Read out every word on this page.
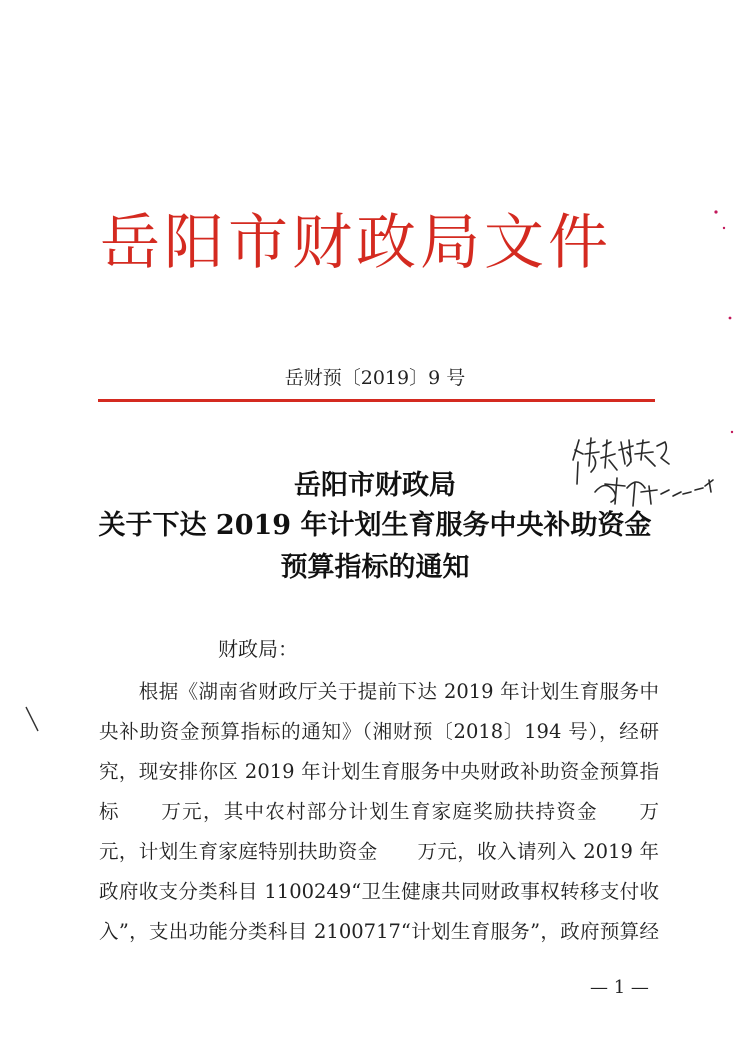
岳阳市财政局文件
岳财预〔2019〕9 号
岳阳市财政局
关于下达 2019 年计划生育服务中央补助资金
预算指标的通知
财政局：
　　根据《湖南省财政厅关于提前下达 2019 年计划生育服务中
央补助资金预算指标的通知》（湘财预〔2018〕194 号），经研
究，现安排你区 2019 年计划生育服务中央财政补助资金预算指
标　　万元，其中农村部分计划生育家庭奖励扶持资金　　万
元，计划生育家庭特别扶助资金　　万元，收入请列入 2019 年
政府收支分类科目 1100249“卫生健康共同财政事权转移支付收
入”，支出功能分类科目 2100717“计划生育服务”，政府预算经
— 1 —
